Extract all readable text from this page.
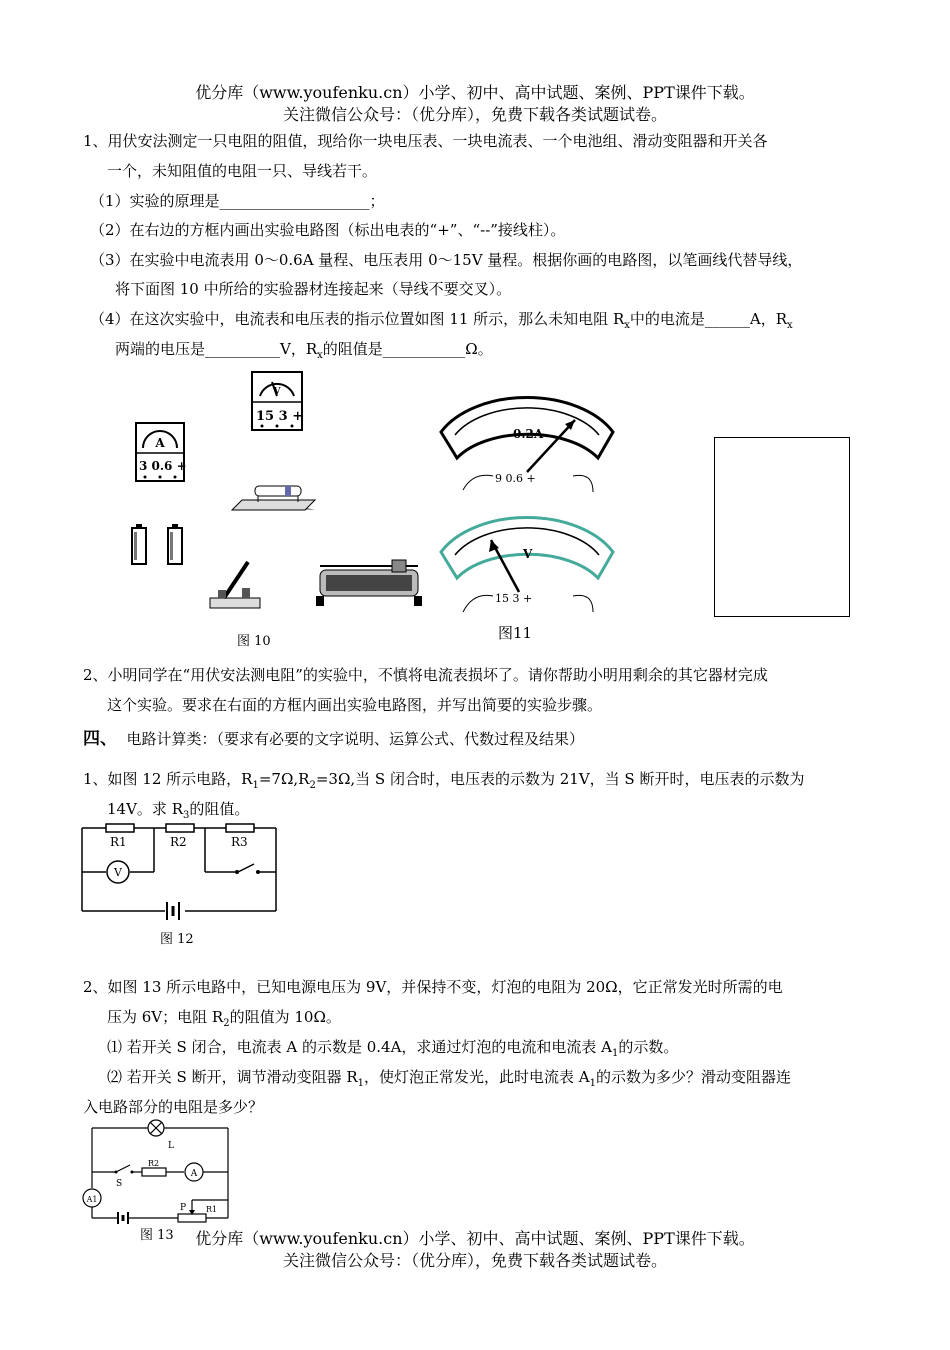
优分库（www.youfenku.cn）小学、初中、高中试题、案例、PPT课件下载。
关注微信公众号：（优分库），免费下载各类试题试卷。
1、用伏安法测定一只电阻的阻值，现给你一块电压表、一块电流表、一个电池组、滑动变阻器和开关各
一个，未知阻值的电阻一只、导线若干。
（1）实验的原理是____________________；
（2）在右边的方框内画出实验电路图（标出电表的“+”、“--”接线柱）。
（3）在实验中电流表用 0～0.6A 量程、电压表用 0～15V 量程。根据你画的电路图，以笔画线代替导线，
将下面图 10 中所给的实验器材连接起来（导线不要交叉）。
（4）在这次实验中，电流表和电压表的指示位置如图 11 所示，那么未知电阻 $R_x$中的电流是______A，$R_x$
两端的电压是__________V，$R_x$的阻值是___________Ω。
V
15 3 +
A
3 0.6 +
图 10
0.2A
9 0.6 +
V
15 3 +
图11
2、小明同学在“用伏安法测电阻”的实验中，不慎将电流表损坏了。请你帮助小明用剩余的其它器材完成
这个实验。要求在右面的方框内画出实验电路图，并写出简要的实验步骤。
四、 电路计算类：（要求有必要的文字说明、运算公式、代数过程及结果）
1、如图 12 所示电路，$R_1=7\Omega,R_2=3\Omega$,当 S 闭合时，电压表的示数为 21V，当 S 断开时，电压表的示数为
14V。求 $R_3$的阻值。
V
R1	R2	R3
图 12
2、如图 13 所示电路中，已知电源电压为 9V，并保持不变，灯泡的电阻为 20Ω，它正常发光时所需的电
压为 6V；电阻 $R_2$的阻值为 10Ω。
⑴ 若开关 S 闭合，电流表 A 的示数是 0.4A，求通过灯泡的电流和电流表 $A_1$的示数。
⑵ 若开关 S 断开，调节滑动变阻器 $R_1$，使灯泡正常发光，此时电流表 $A_1$的示数为多少？滑动变阻器连
入电路部分的电阻是多少？
A
A1
L
S
R2
P R1
图 13	优分库（www.youfenku.cn）小学、初中、高中试题、案例、PPT课件下载。
关注微信公众号：（优分库），免费下载各类试题试卷。
